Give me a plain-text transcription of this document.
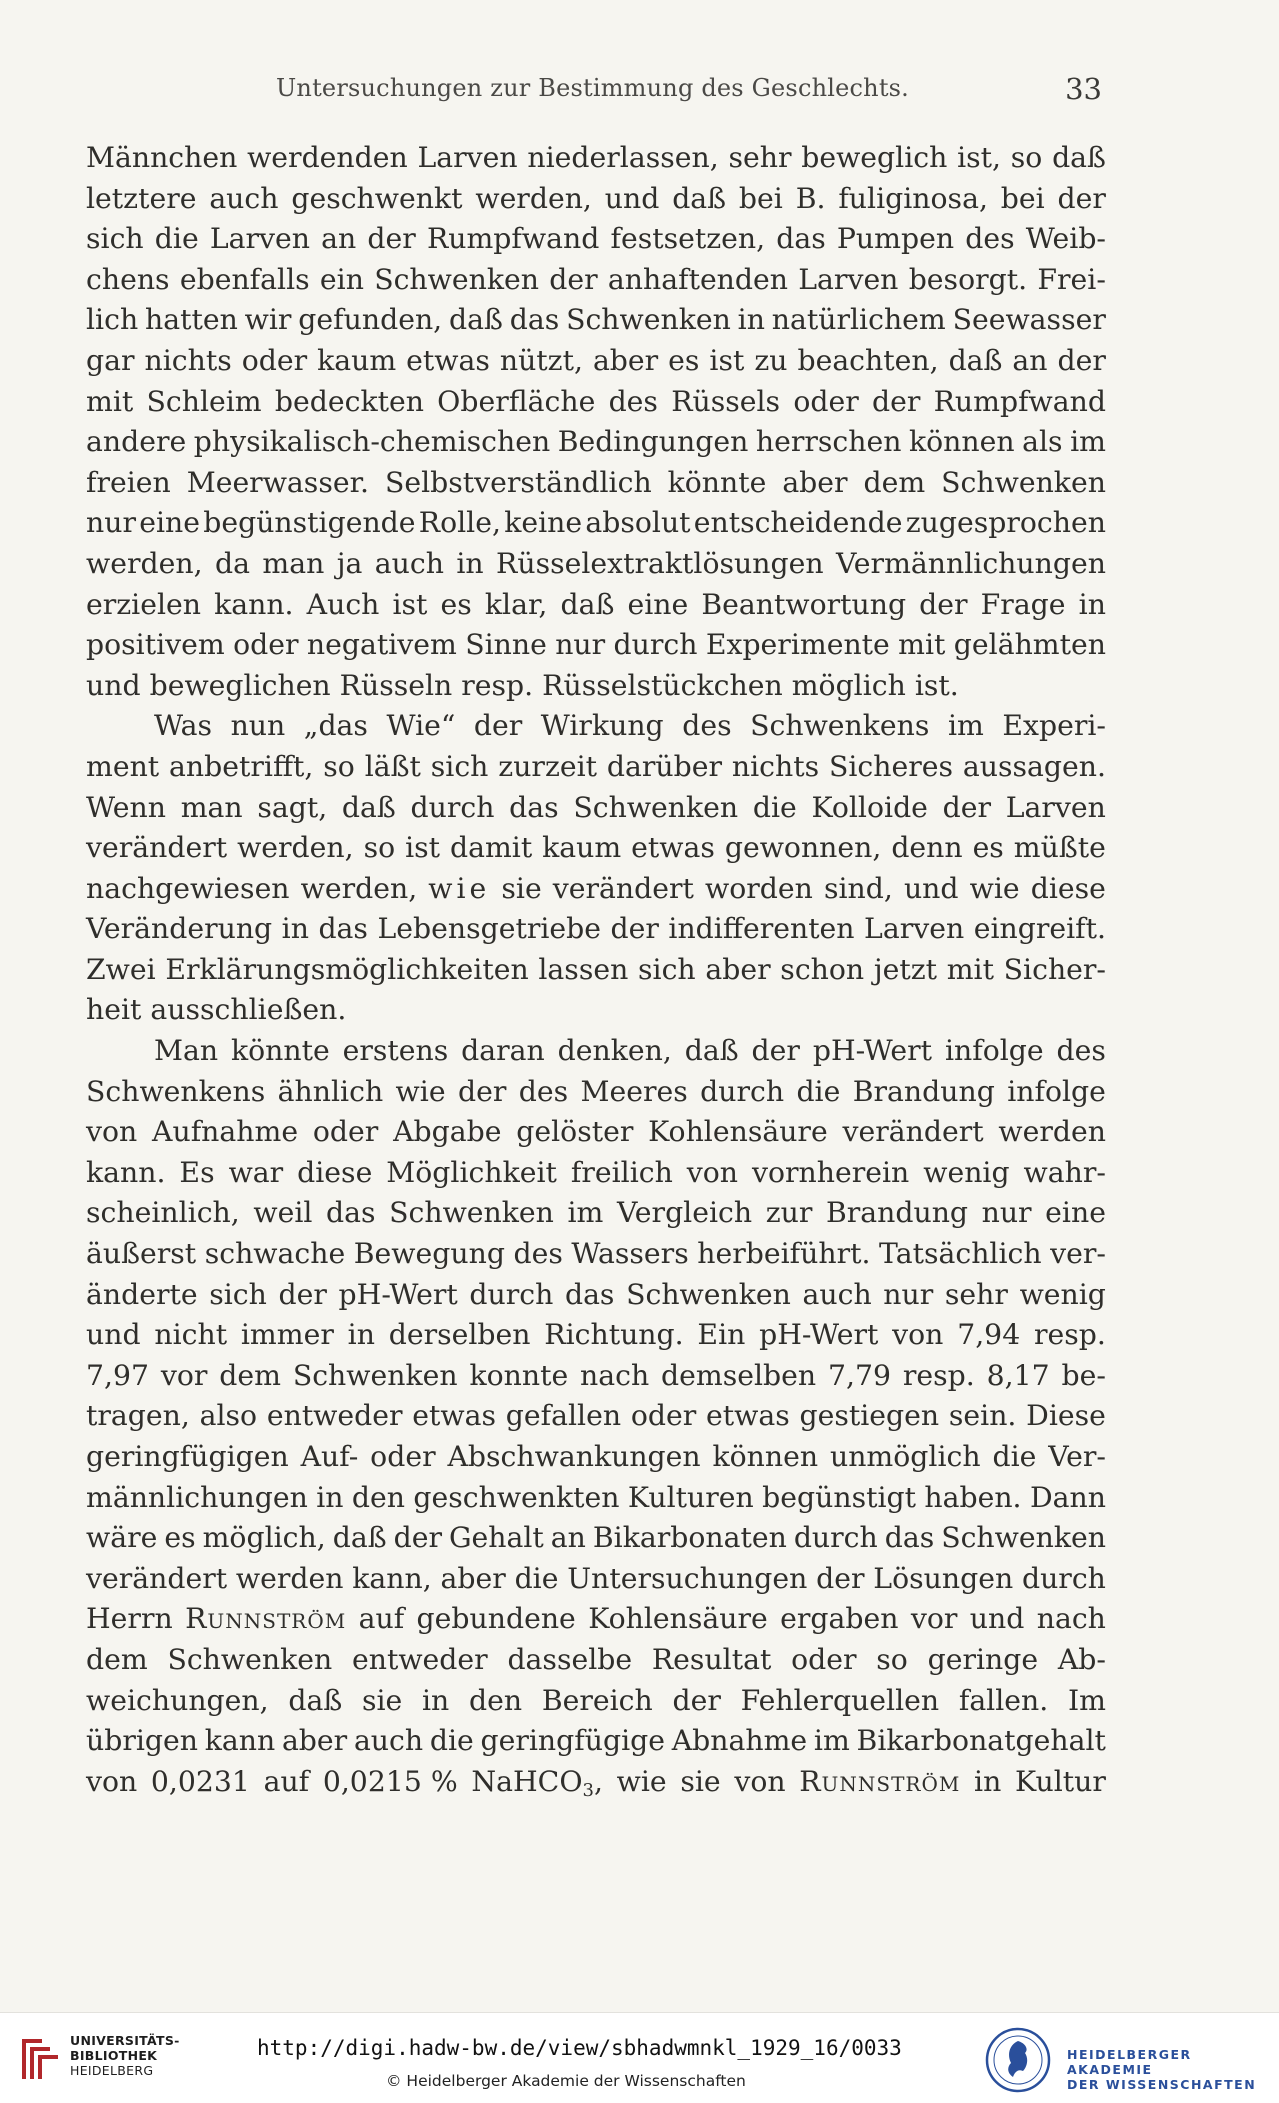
Untersuchungen zur Bestimmung des Geschlechts.	33
Männchen werdenden Larven niederlassen, sehr beweglich ist, so daß
letztere auch geschwenkt werden, und daß bei B. fuliginosa, bei der
sich die Larven an der Rumpfwand festsetzen, das Pumpen des Weib-
chens ebenfalls ein Schwenken der anhaftenden Larven besorgt. Frei-
lich hatten wir gefunden, daß das Schwenken in natürlichem Seewasser
gar nichts oder kaum etwas nützt, aber es ist zu beachten, daß an der
mit Schleim bedeckten Oberfläche des Rüssels oder der Rumpfwand
andere physikalisch-chemischen Bedingungen herrschen können als im
freien Meerwasser. Selbstverständlich könnte aber dem Schwenken
nur eine begünstigende Rolle, keine absolut entscheidende zugesprochen
werden, da man ja auch in Rüsselextraktlösungen Vermännlichungen
erzielen kann. Auch ist es klar, daß eine Beantwortung der Frage in
positivem oder negativem Sinne nur durch Experimente mit gelähmten
und beweglichen Rüsseln resp. Rüsselstückchen möglich ist.
Was nun „das Wie“ der Wirkung des Schwenkens im Experi-
ment anbetrifft, so läßt sich zurzeit darüber nichts Sicheres aussagen.
Wenn man sagt, daß durch das Schwenken die Kolloide der Larven
verändert werden, so ist damit kaum etwas gewonnen, denn es müßte
nachgewiesen werden, wie sie verändert worden sind, und wie diese
Veränderung in das Lebensgetriebe der indifferenten Larven eingreift.
Zwei Erklärungsmöglichkeiten lassen sich aber schon jetzt mit Sicher-
heit ausschließen.
Man könnte erstens daran denken, daß der pH-Wert infolge des
Schwenkens ähnlich wie der des Meeres durch die Brandung infolge
von Aufnahme oder Abgabe gelöster Kohlensäure verändert werden
kann. Es war diese Möglichkeit freilich von vornherein wenig wahr-
scheinlich, weil das Schwenken im Vergleich zur Brandung nur eine
äußerst schwache Bewegung des Wassers herbeiführt. Tatsächlich ver-
änderte sich der pH-Wert durch das Schwenken auch nur sehr wenig
und nicht immer in derselben Richtung. Ein pH-Wert von 7,94 resp.
7,97 vor dem Schwenken konnte nach demselben 7,79 resp. 8,17 be-
tragen, also entweder etwas gefallen oder etwas gestiegen sein. Diese
geringfügigen Auf- oder Abschwankungen können unmöglich die Ver-
männlichungen in den geschwenkten Kulturen begünstigt haben. Dann
wäre es möglich, daß der Gehalt an Bikarbonaten durch das Schwenken
verändert werden kann, aber die Untersuchungen der Lösungen durch
Herrn Runnström auf gebundene Kohlensäure ergaben vor und nach
dem Schwenken entweder dasselbe Resultat oder so geringe Ab-
weichungen, daß sie in den Bereich der Fehlerquellen fallen. Im
übrigen kann aber auch die geringfügige Abnahme im Bikarbonatgehalt
von 0,0231 auf 0,0215 % NaHCO$_3$, wie sie von Runnström in Kultur
UNIVERSITÄTS-
BIBLIOTHEK
HEIDELBERG
http://digi.hadw-bw.de/view/sbhadwmnkl_1929_16/0033
© Heidelberger Akademie der Wissenschaften
HEIDELBERGER AKADEMIE
DER WISSENSCHAFTEN
